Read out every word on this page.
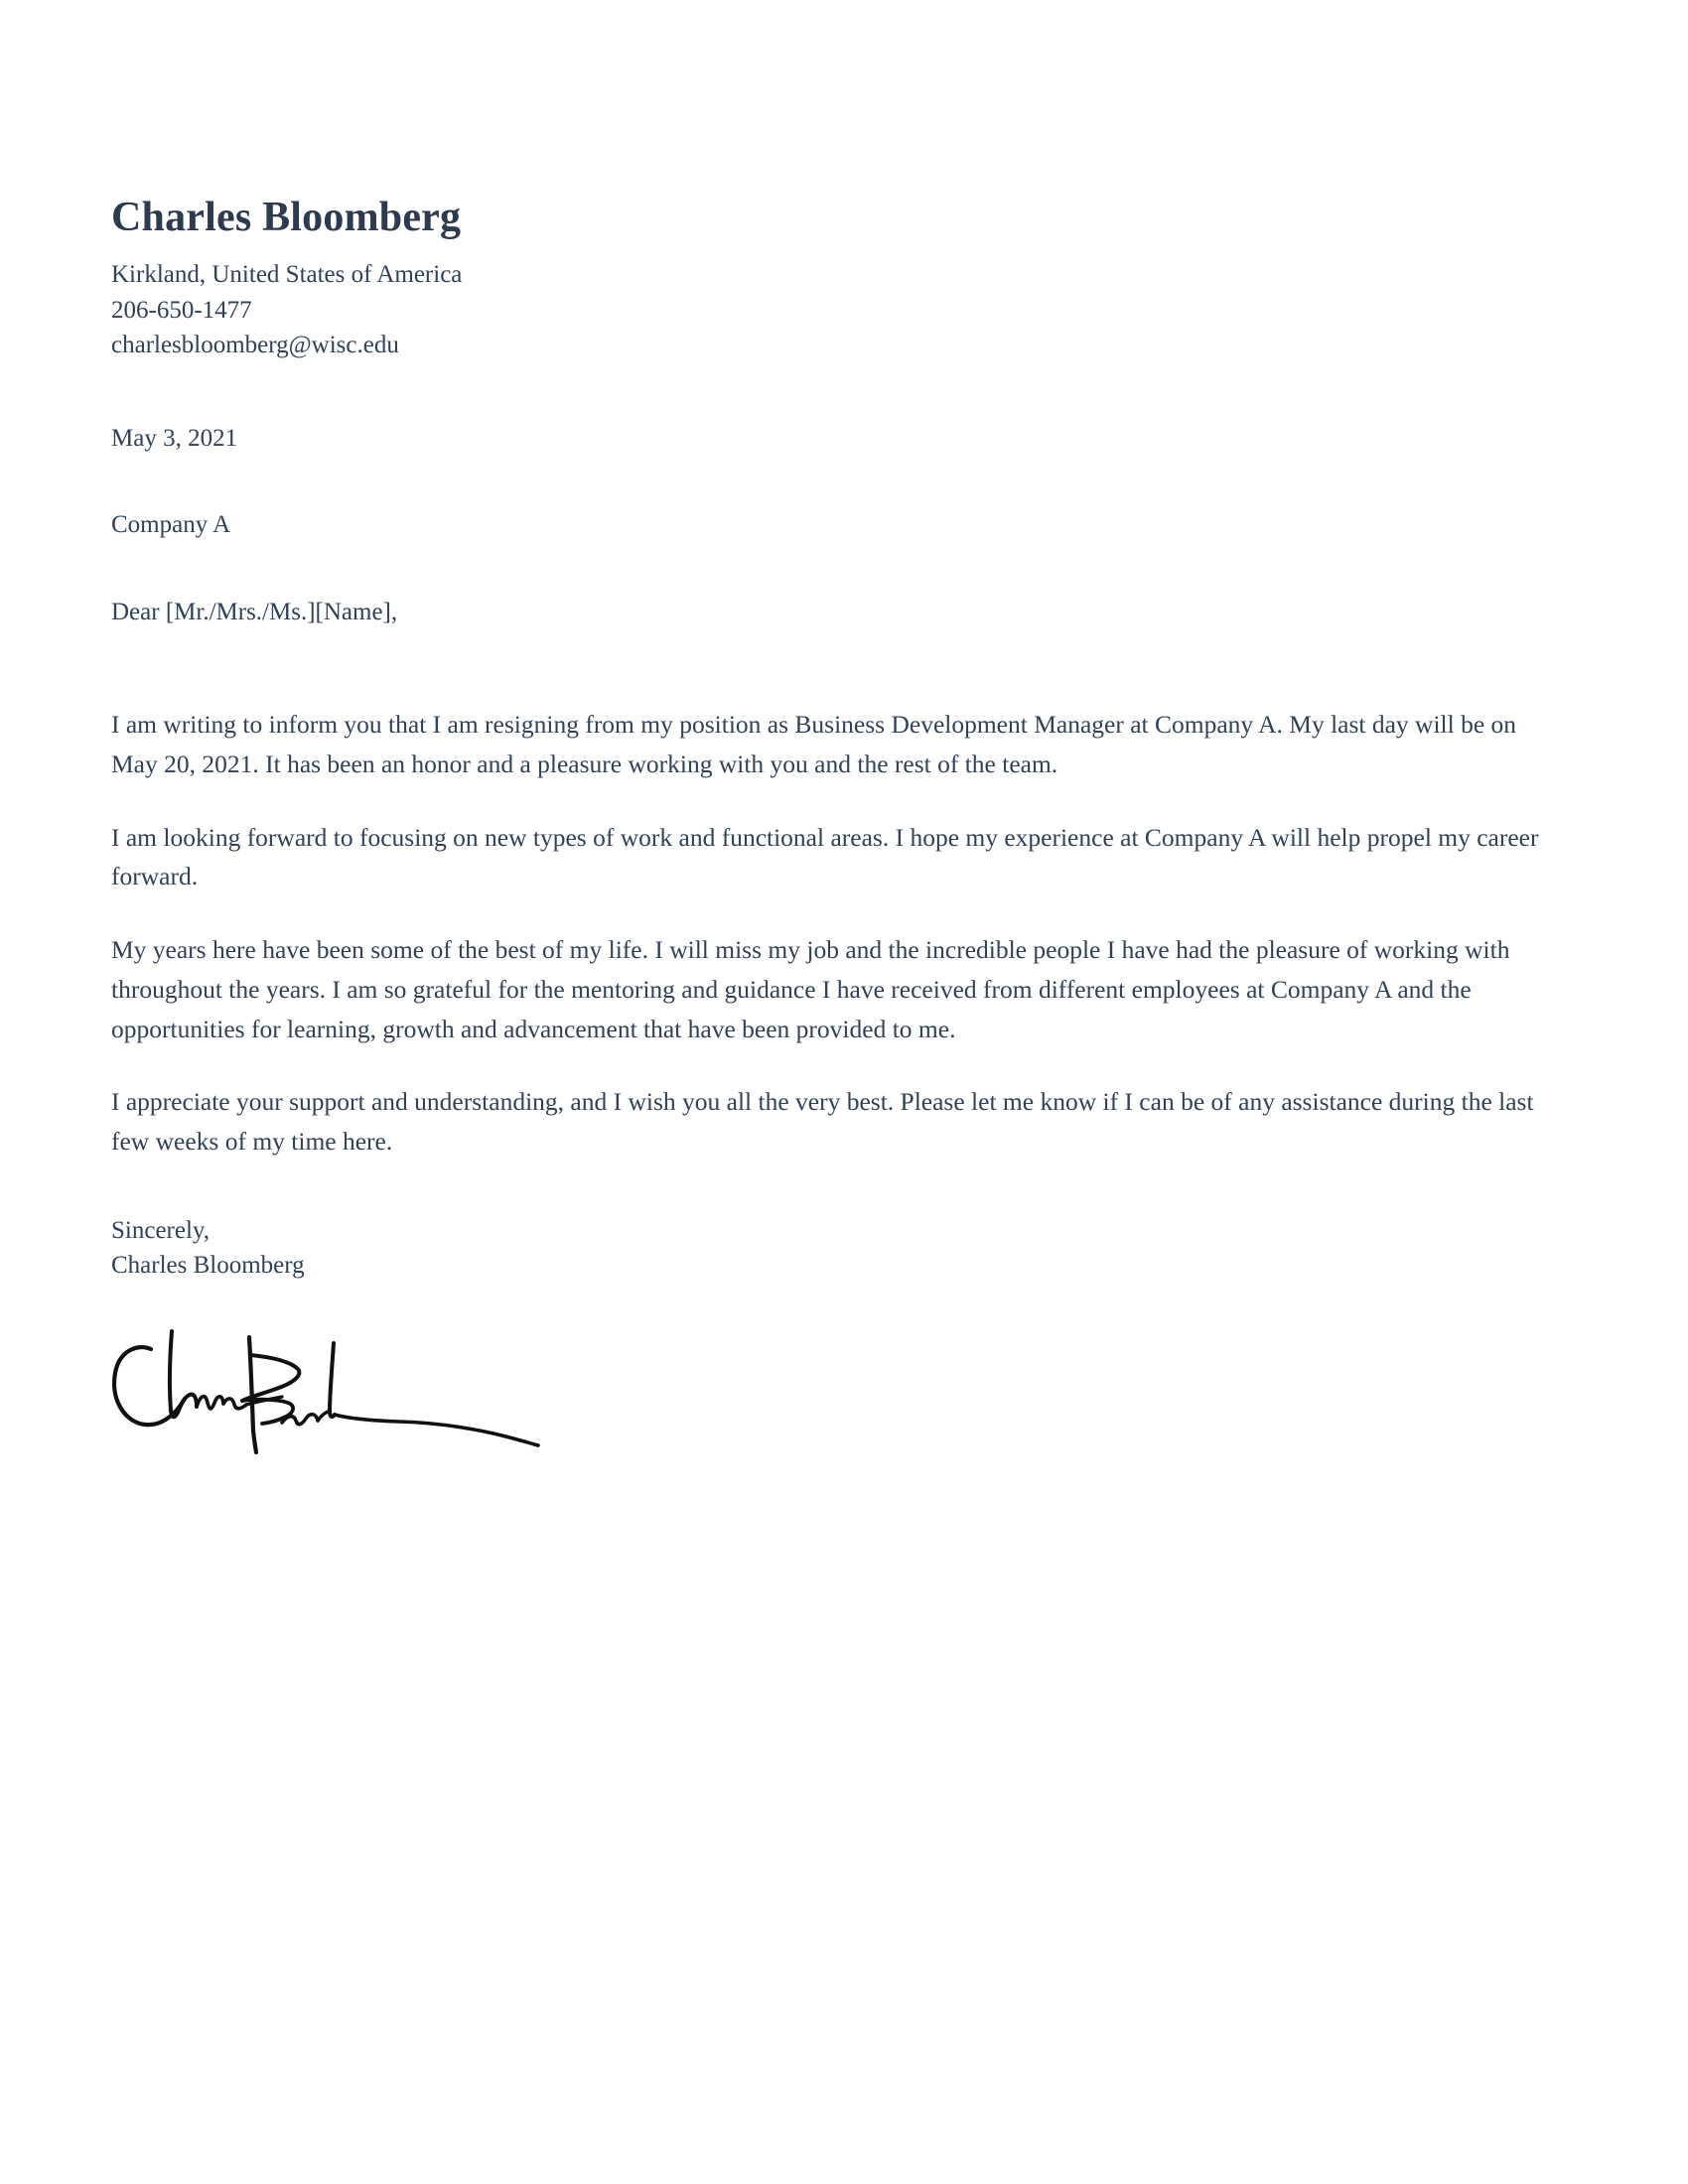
Charles Bloomberg

Kirkland, United States of America

206-650-1477

charlesbloomberg@wisc.edu

May 3, 2021

Company A

Dear [Mr./Mrs./Ms.][Name],

I am writing to inform you that I am resigning from my position as Business Development Manager at Company A. My last day will be on May 20, 2021. It has been an honor and a pleasure working with you and the rest of the team.

I am looking forward to focusing on new types of work and functional areas. I hope my experience at Company A will help propel my career forward.

My years here have been some of the best of my life. I will miss my job and the incredible people I have had the pleasure of working with throughout the years. I am so grateful for the mentoring and guidance I have received from different employees at Company A and the opportunities for learning, growth and advancement that have been provided to me.

I appreciate your support and understanding, and I wish you all the very best. Please let me know if I can be of any assistance during the last few weeks of my time here.

Sincerely,

Charles Bloomberg
